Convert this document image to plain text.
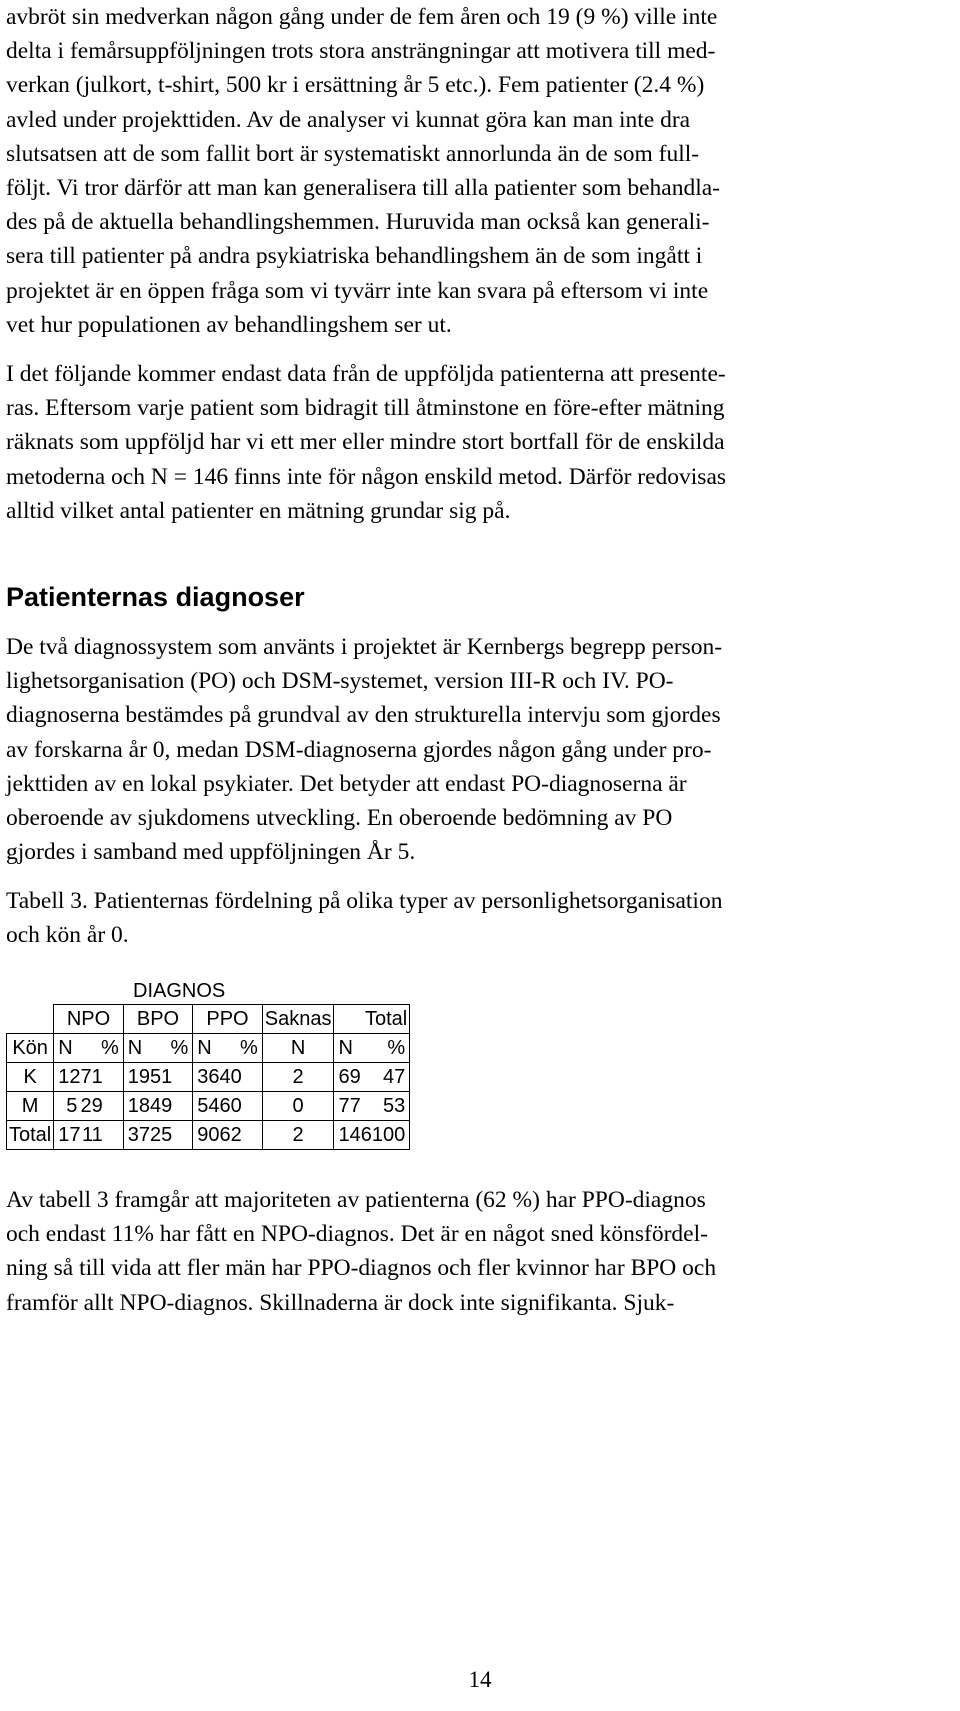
avbröt sin medverkan någon gång under de fem åren och 19 (9 %) ville inte
delta i femårsuppföljningen trots stora ansträngningar att motivera till med-
verkan (julkort, t-shirt, 500 kr i ersättning år 5 etc.). Fem patienter (2.4 %)
avled under projekttiden. Av de analyser vi kunnat göra kan man inte dra
slutsatsen att de som fallit bort är systematiskt annorlunda än de som full-
följt. Vi tror därför att man kan generalisera till alla patienter som behandla-
des på de aktuella behandlingshemmen. Huruvida man också kan generali-
sera till patienter på andra psykiatriska behandlingshem än de som ingått i
projektet är en öppen fråga som vi tyvärr inte kan svara på eftersom vi inte
vet hur populationen av behandlingshem ser ut.
I det följande kommer endast data från de uppföljda patienterna att presente-
ras. Eftersom varje patient som bidragit till åtminstone en före-efter mätning
räknats som uppföljd har vi ett mer eller mindre stort bortfall för de enskilda
metoderna och N = 146 finns inte för någon enskild metod. Därför redovisas
alltid vilket antal patienter en mätning grundar sig på.
Patienternas diagnoser
De två diagnossystem som använts i projektet är Kernbergs begrepp person-
lighetsorganisation (PO) och DSM-systemet, version III-R och IV. PO-
diagnoserna bestämdes på grundval av den strukturella intervju som gjordes
av forskarna år 0, medan DSM-diagnoserna gjordes någon gång under pro-
jekttiden av en lokal psykiater. Det betyder att endast PO-diagnoserna är
oberoende av sjukdomens utveckling. En oberoende bedömning av PO
gjordes i samband med uppföljningen År 5.
Tabell 3. Patienternas fördelning på olika typer av personlighetsorganisation
och kön år 0.
DIAGNOS
	NPO	BPO	PPO	Saknas	Total
Kön	N %	N %	N %	N	N %

K	12 71	19 51	36 40	2	69 47

M	5 29	18 49	54 60	0	77 53

Total	17 11	37 25	90 62	2	146 100
Av tabell 3 framgår att majoriteten av patienterna (62 %) har PPO-diagnos
och endast 11% har fått en NPO-diagnos. Det är en något sned könsfördel-
ning så till vida att fler män har PPO-diagnos och fler kvinnor har BPO och
framför allt NPO-diagnos. Skillnaderna är dock inte signifikanta. Sjuk-

14
